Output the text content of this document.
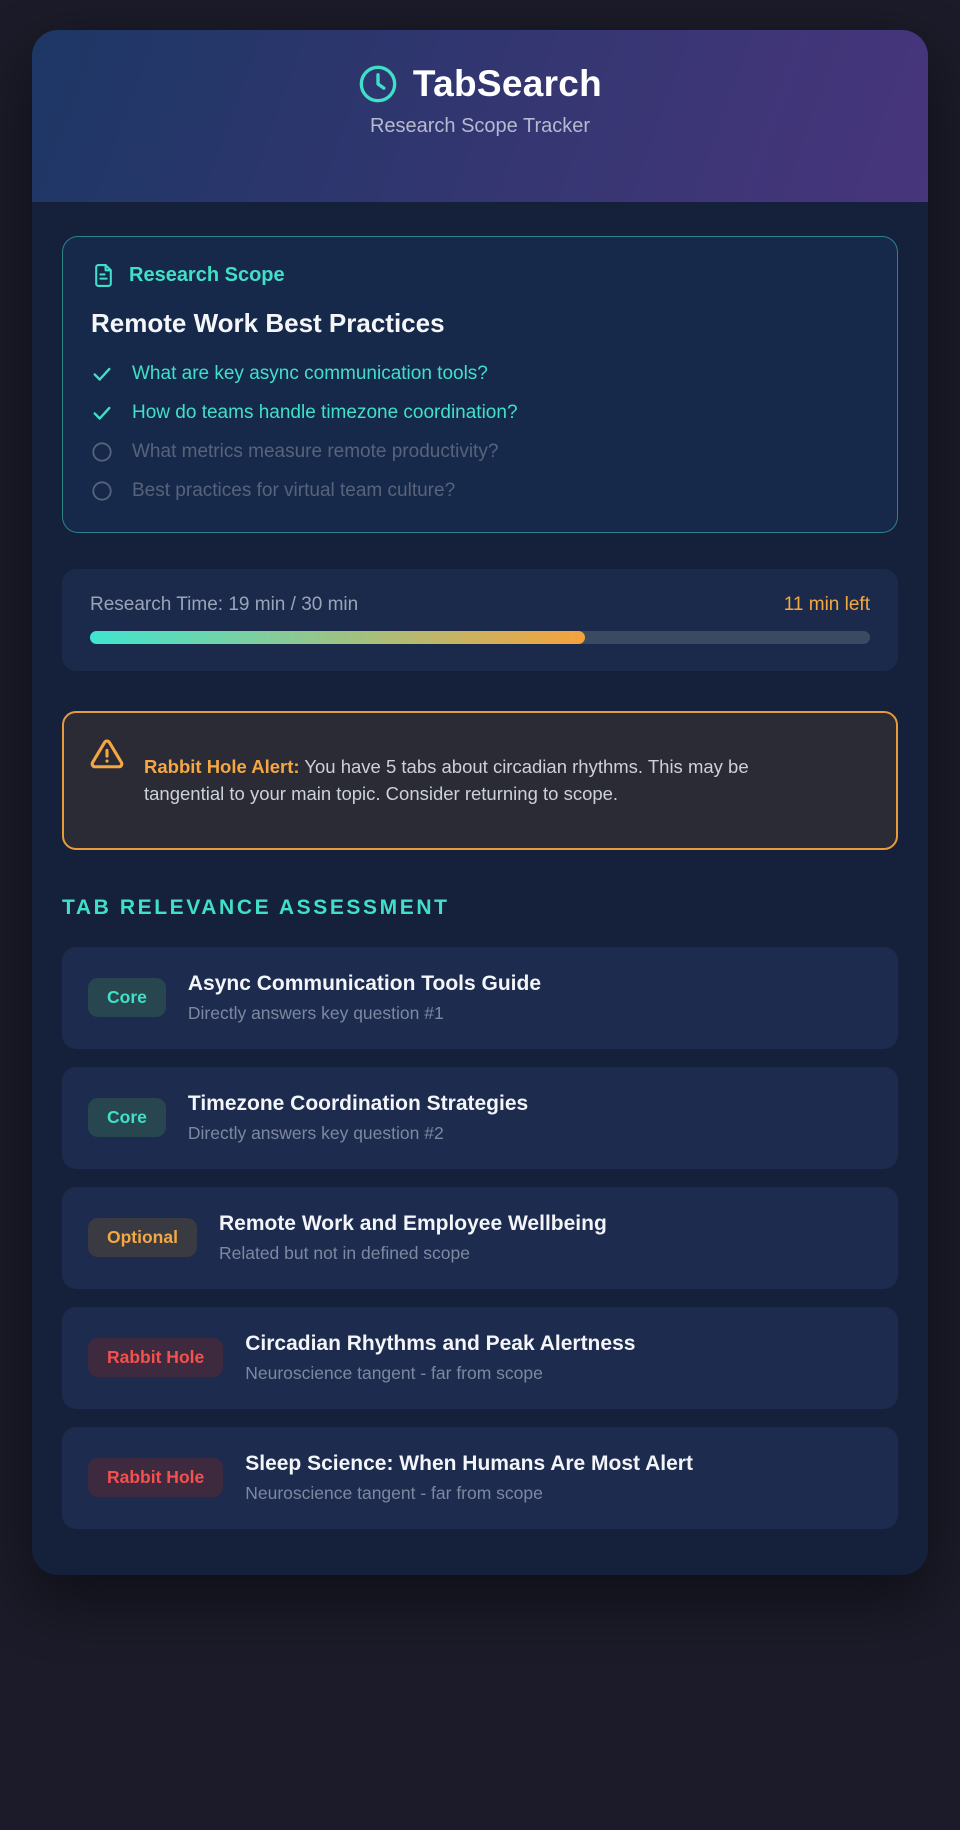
TabSearch
Research Scope Tracker
Research Scope
Remote Work Best Practices
What are key async communication tools?
How do teams handle timezone coordination?
What metrics measure remote productivity?
Best practices for virtual team culture?
Research Time: 19 min / 30 min	11 min left

Rabbit Hole Alert: You have 5 tabs about circadian rhythms. This may be tangential to your main topic. Consider returning to scope.

TAB RELEVANCE ASSESSMENT
Core
Async Communication Tools Guide
Directly answers key question #1
Core
Timezone Coordination Strategies
Directly answers key question #2
Optional
Remote Work and Employee Wellbeing
Related but not in defined scope
Rabbit Hole
Circadian Rhythms and Peak Alertness
Neuroscience tangent - far from scope
Rabbit Hole
Sleep Science: When Humans Are Most Alert
Neuroscience tangent - far from scope
